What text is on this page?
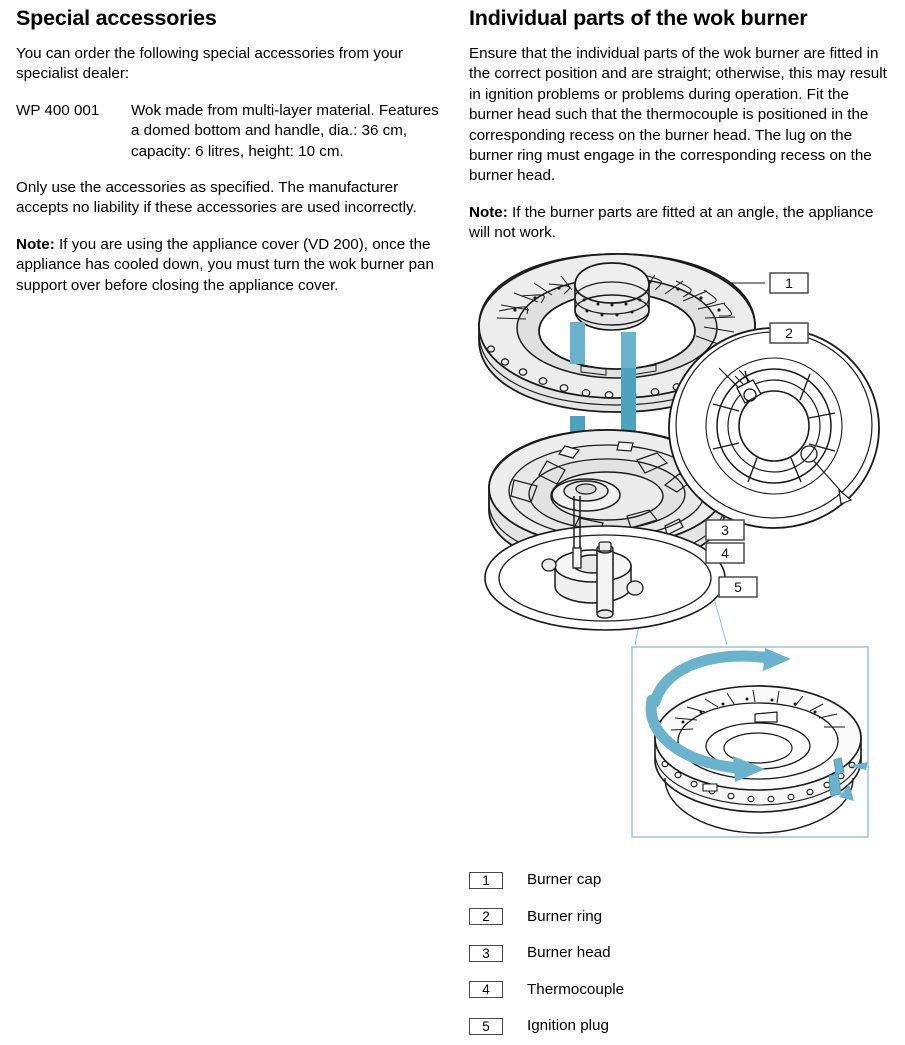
Special accessories

You can order the following special accessories from your specialist dealer:

WP 400 001	Wok made from multi-layer material. Features a domed bottom and handle, dia.: 36 cm, capacity: 6 litres, height: 10 cm.

Only use the accessories as specified. The manufacturer accepts no liability if these accessories are used incorrectly.

Note: If you are using the appliance cover (VD 200), once the appliance has cooled down, you must turn the wok burner pan support over before closing the appliance cover.

Individual parts of the wok burner

Ensure that the individual parts of the wok burner are fitted in the correct position and are straight; otherwise, this may result in ignition problems or problems during operation. Fit the burner head such that the thermocouple is positioned in the corresponding recess on the burner head. The lug on the burner ring must engage in the corresponding recess on the burner head.

Note: If the burner parts are fitted at an angle, the appliance will not work.

1
2
3
4
5
1	Burner cap
2	Burner ring
3	Burner head
4	Thermocouple
5	Ignition plug
